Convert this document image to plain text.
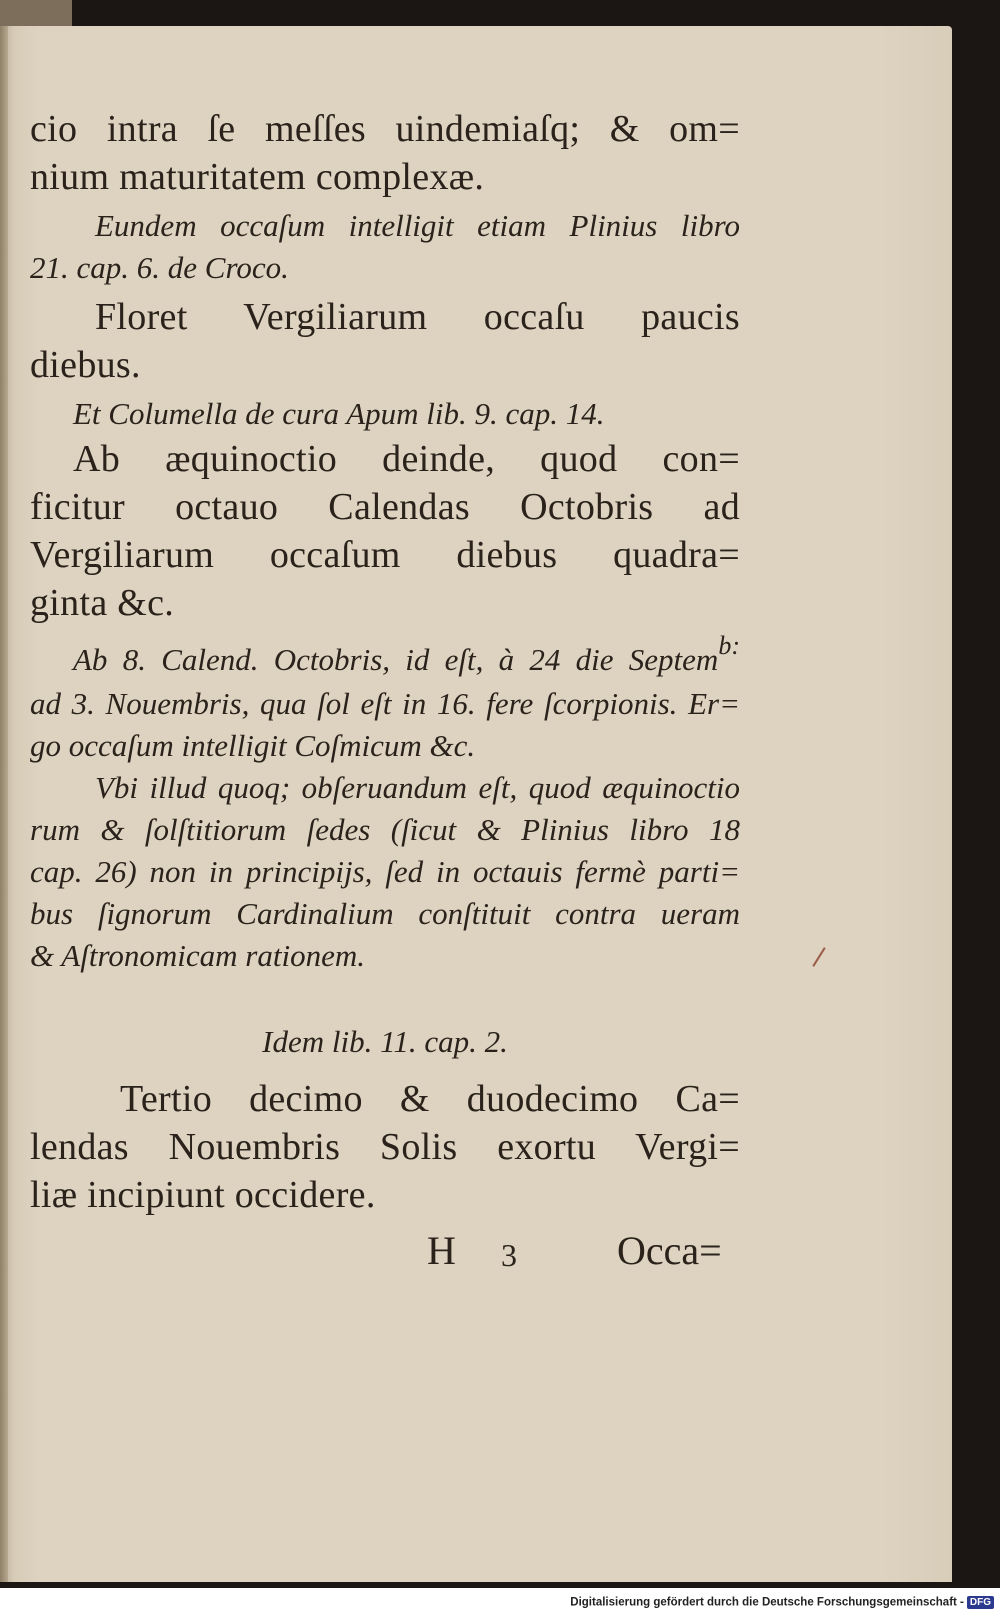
cio intra ſe meſſes uindemiaſq; & om=
nium maturitatem complexæ.
Eundem occaſum intelligit etiam Plinius libro
21. cap. 6. de Croco.
Floret Vergiliarum occaſu paucis
diebus.
Et Columella de cura Apum lib. 9. cap. 14.
Ab æquinoctio deinde, quod con=
ficitur octauo Calendas Octobris ad
Vergiliarum occaſum diebus quadra=
ginta &c.
Ab 8. Calend. Octobris, id eſt, à 24 die Septem$^{b:}$
ad 3. Nouembris, qua ſol eſt in 16. fere ſcorpionis. Er=
go occaſum intelligit Coſmicum &c.
Vbi illud quoq; obſeruandum eſt, quod æquinoctio
rum & ſolſtitiorum ſedes (ſicut & Plinius libro 18
cap. 26) non in principijs, ſed in octauis fermè parti=
bus ſignorum Cardinalium conſtituit contra ueram
& Aſtronomicam rationem.
Idem lib. 11. cap. 2.
Tertio decimo & duodecimo Ca=
lendas Nouembris Solis exortu Vergi=
liæ incipiunt occidere.
H 3	Occa=
Digitalisierung gefördert durch die Deutsche Forschungsgemeinschaft - DFG
